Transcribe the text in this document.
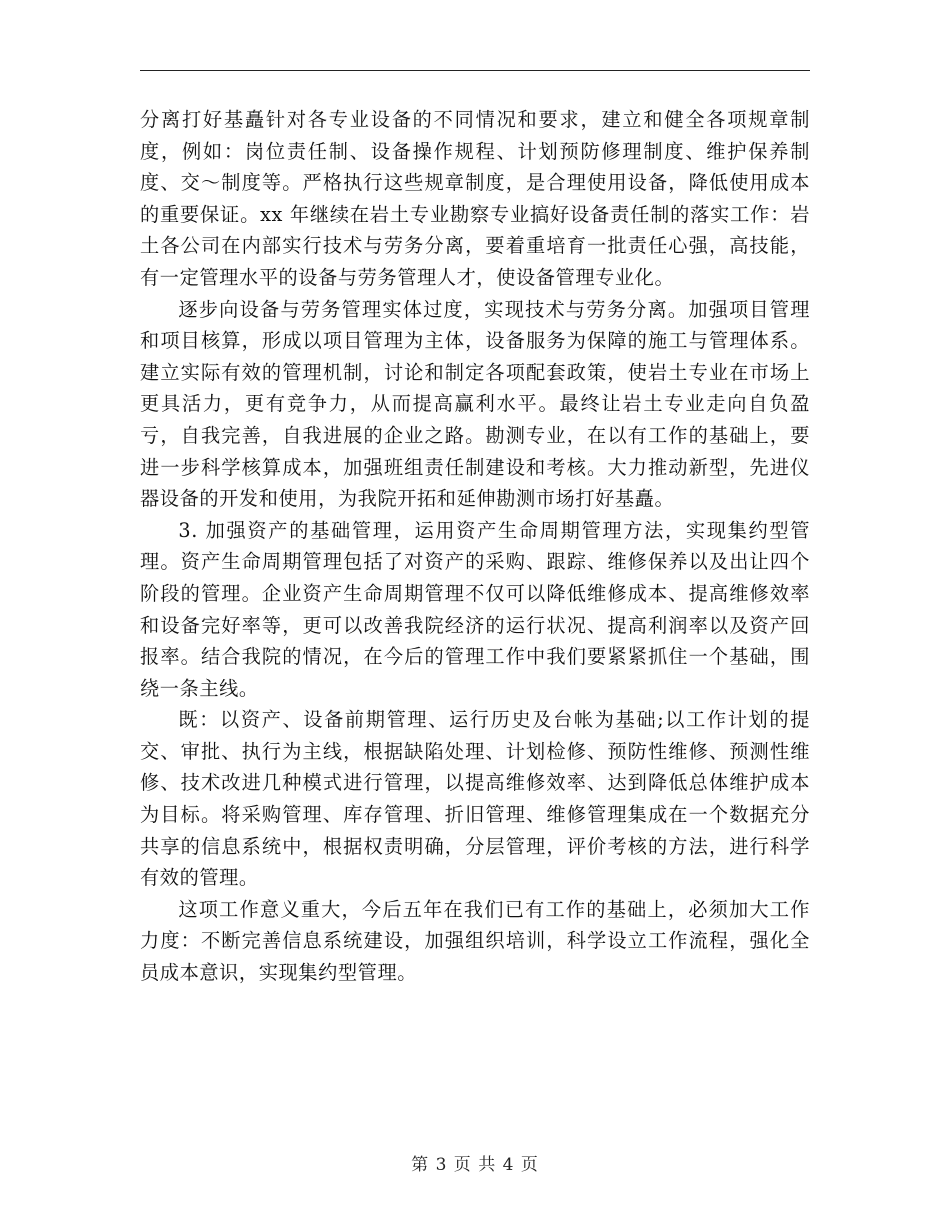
分离打好基矗针对各专业设备的不同情况和要求，建立和健全各项规章制度，例如：岗位责任制、设备操作规程、计划预防修理制度、维护保养制度、交～制度等。严格执行这些规章制度，是合理使用设备，降低使用成本的重要保证。xx 年继续在岩土专业勘察专业搞好设备责任制的落实工作：岩土各公司在内部实行技术与劳务分离，要着重培育一批责任心强，高技能，有一定管理水平的设备与劳务管理人才，使设备管理专业化。

逐步向设备与劳务管理实体过度，实现技术与劳务分离。加强项目管理和项目核算，形成以项目管理为主体，设备服务为保障的施工与管理体系。建立实际有效的管理机制，讨论和制定各项配套政策，使岩土专业在市场上更具活力，更有竞争力，从而提高赢利水平。最终让岩土专业走向自负盈亏，自我完善，自我进展的企业之路。勘测专业，在以有工作的基础上，要进一步科学核算成本，加强班组责任制建设和考核。大力推动新型，先进仪器设备的开发和使用，为我院开拓和延伸勘测市场打好基矗。

3. 加强资产的基础管理，运用资产生命周期管理方法，实现集约型管理。资产生命周期管理包括了对资产的采购、跟踪、维修保养以及出让四个阶段的管理。企业资产生命周期管理不仅可以降低维修成本、提高维修效率和设备完好率等，更可以改善我院经济的运行状况、提高利润率以及资产回报率。结合我院的情况，在今后的管理工作中我们要紧紧抓住一个基础，围绕一条主线。

既：以资产、设备前期管理、运行历史及台帐为基础;以工作计划的提交、审批、执行为主线，根据缺陷处理、计划检修、预防性维修、预测性维修、技术改进几种模式进行管理，以提高维修效率、达到降低总体维护成本为目标。将采购管理、库存管理、折旧管理、维修管理集成在一个数据充分共享的信息系统中，根据权责明确，分层管理，评价考核的方法，进行科学有效的管理。

这项工作意义重大，今后五年在我们已有工作的基础上，必须加大工作力度：不断完善信息系统建设，加强组织培训，科学设立工作流程，强化全员成本意识，实现集约型管理。

第 3 页 共 4 页
